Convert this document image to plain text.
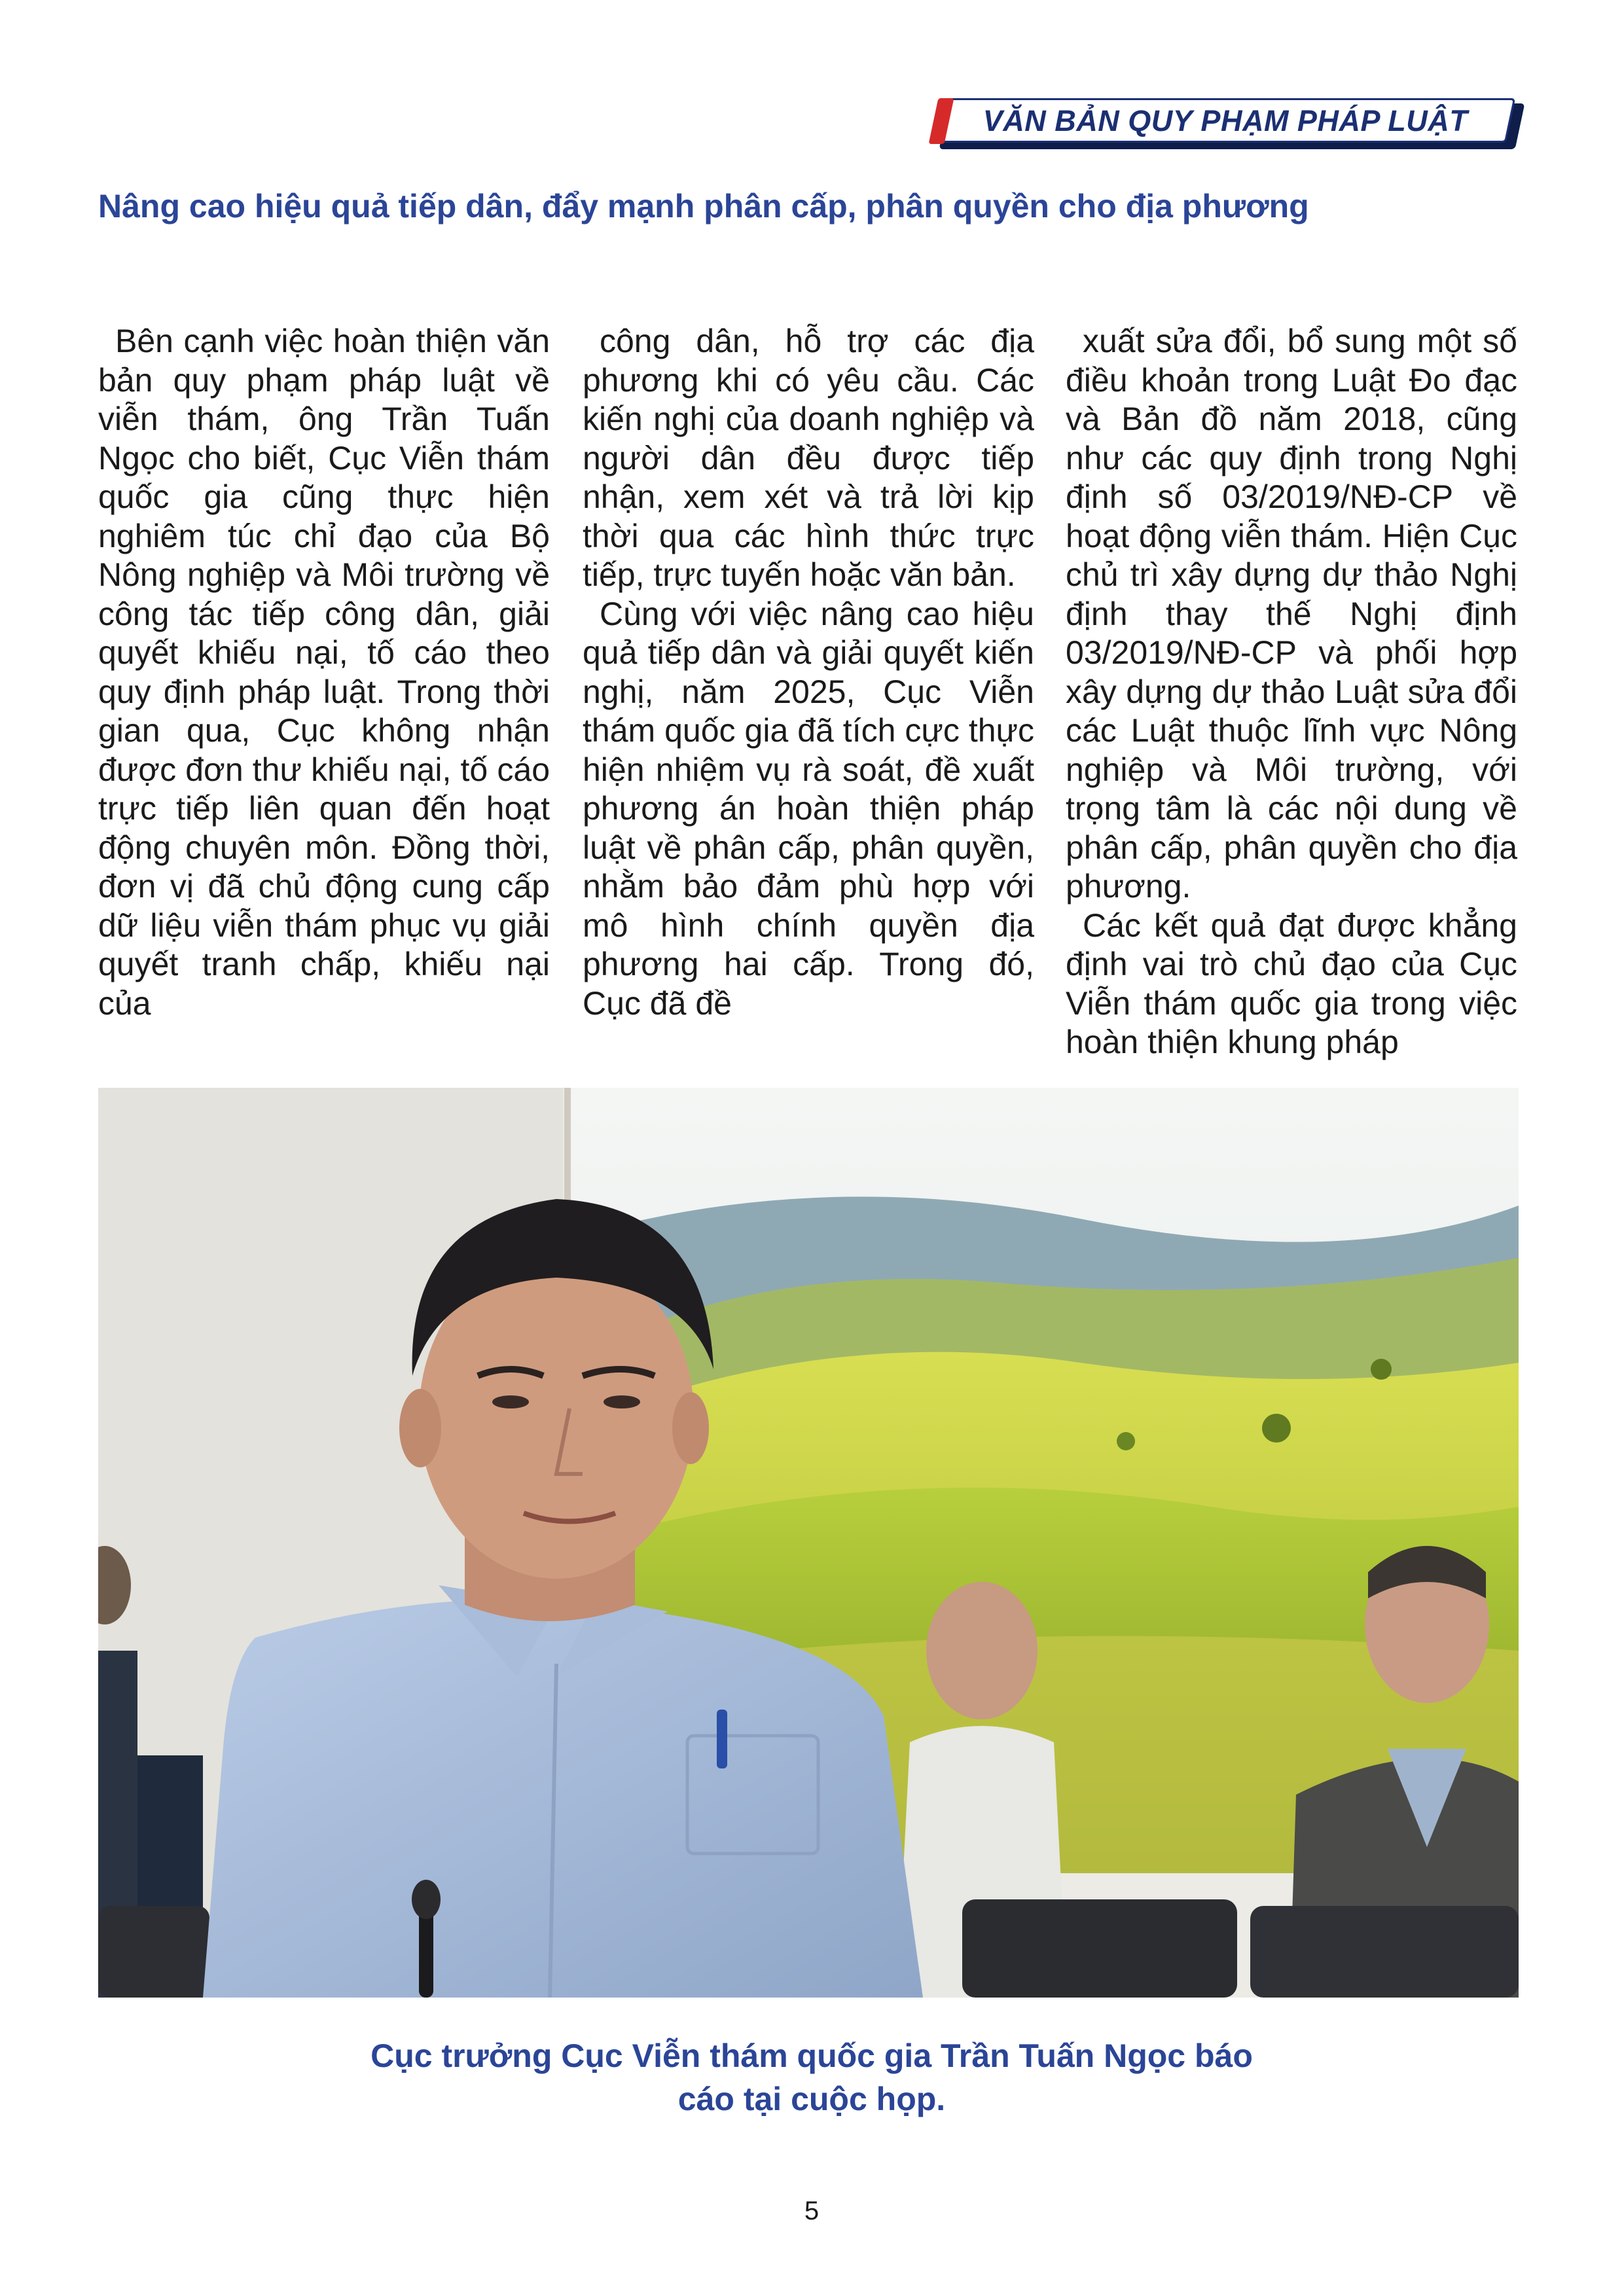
VĂN BẢN QUY PHẠM PHÁP LUẬT
Nâng cao hiệu quả tiếp dân, đẩy mạnh phân cấp, phân quyền cho địa phương

Bên cạnh việc hoàn thiện văn bản quy phạm pháp luật về viễn thám, ông Trần Tuấn Ngọc cho biết, Cục Viễn thám quốc gia cũng thực hiện nghiêm túc chỉ đạo của Bộ Nông nghiệp và Môi trường về công tác tiếp công dân, giải quyết khiếu nại, tố cáo theo quy định pháp luật. Trong thời gian qua, Cục không nhận được đơn thư khiếu nại, tố cáo trực tiếp liên quan đến hoạt động chuyên môn. Đồng thời, đơn vị đã chủ động cung cấp dữ liệu viễn thám phục vụ giải quyết tranh chấp, khiếu nại của

công dân, hỗ trợ các địa phương khi có yêu cầu. Các kiến nghị của doanh nghiệp và người dân đều được tiếp nhận, xem xét và trả lời kịp thời qua các hình thức trực tiếp, trực tuyến hoặc văn bản.

Cùng với việc nâng cao hiệu quả tiếp dân và giải quyết kiến nghị, năm 2025, Cục Viễn thám quốc gia đã tích cực thực hiện nhiệm vụ rà soát, đề xuất phương án hoàn thiện pháp luật về phân cấp, phân quyền, nhằm bảo đảm phù hợp với mô hình chính quyền địa phương hai cấp. Trong đó, Cục đã đề

xuất sửa đổi, bổ sung một số điều khoản trong Luật Đo đạc và Bản đồ năm 2018, cũng như các quy định trong Nghị định số 03/2019/NĐ-CP về hoạt động viễn thám. Hiện Cục chủ trì xây dựng dự thảo Nghị định thay thế Nghị định 03/2019/NĐ-CP và phối hợp xây dựng dự thảo Luật sửa đổi các Luật thuộc lĩnh vực Nông nghiệp và Môi trường, với trọng tâm là các nội dung về phân cấp, phân quyền cho địa phương.

Các kết quả đạt được khẳng định vai trò chủ đạo của Cục Viễn thám quốc gia trong việc hoàn thiện khung pháp

Cục trưởng Cục Viễn thám quốc gia Trần Tuấn Ngọc báo
cáo tại cuộc họp.
5
